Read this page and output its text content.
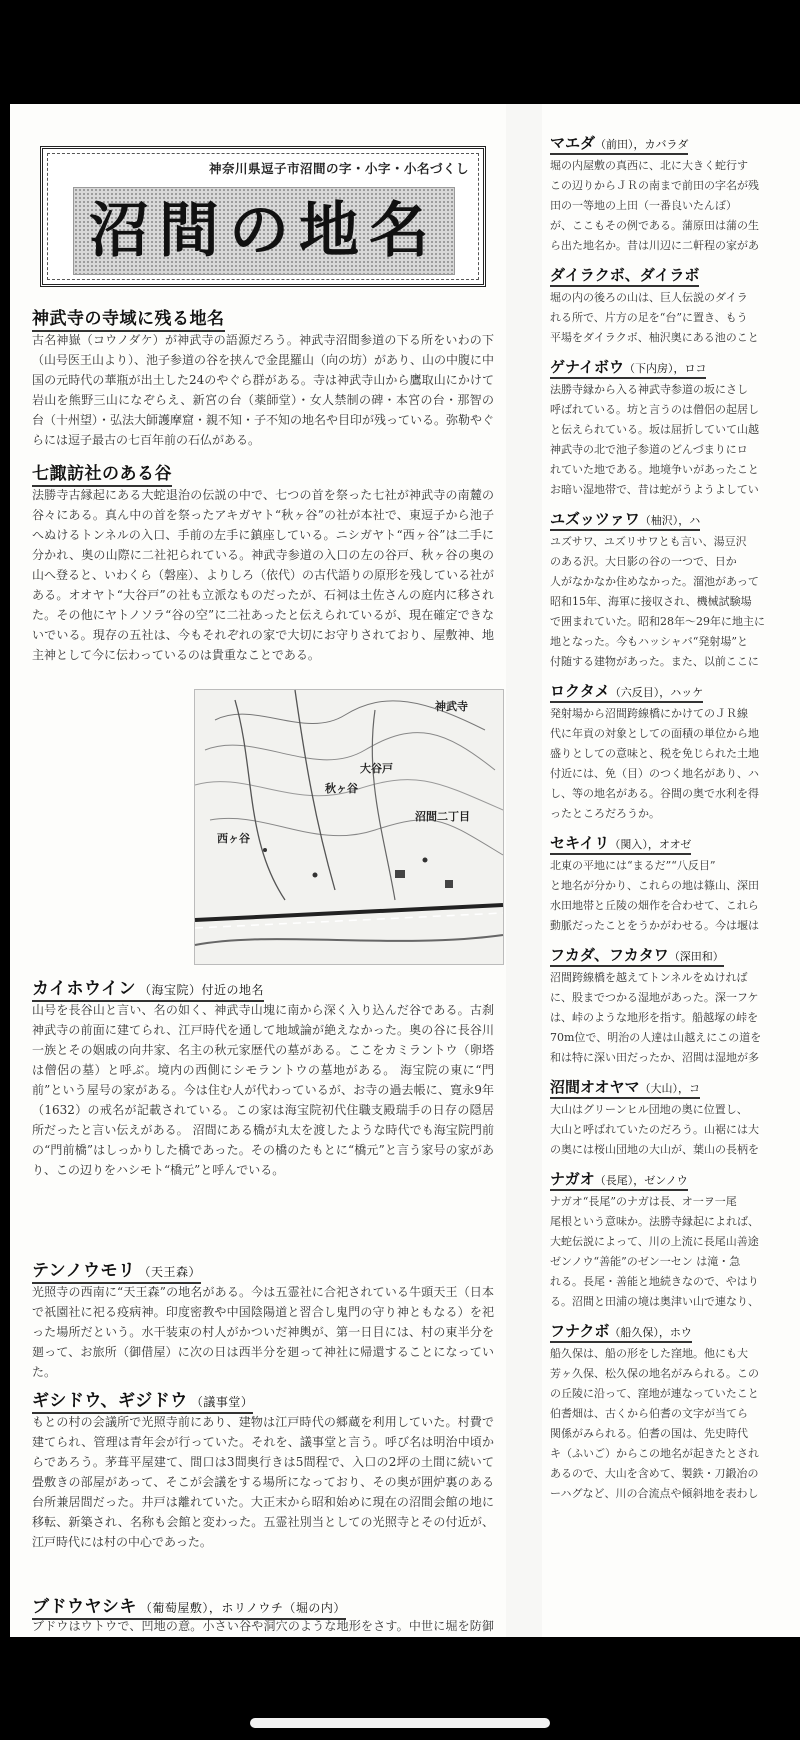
神奈川県逗子市沼間の字・小字・小名づくし
沼間の地名
神武寺の寺域に残る地名
古名神嶽（コウノダケ）が神武寺の語源だろう。神武寺沼間参道の下る所をいわの下（山号医王山より）、池子参道の谷を挟んで金毘羅山（向の坊）があり、山の中腹に中国の元時代の華瓶が出土した24のやぐら群がある。寺は神武寺山から鷹取山にかけて岩山を熊野三山になぞらえ、新宮の台（薬師堂）・女人禁制の碑・本宮の台・那智の台（十州望）・弘法大師護摩窟・親不知・子不知の地名や目印が残っている。弥勒やぐらには逗子最古の七百年前の石仏がある。
七諏訪社のある谷
法勝寺古縁起にある大蛇退治の伝説の中で、七つの首を祭った七社が神武寺の南麓の谷々にある。真ん中の首を祭ったアキガヤト“秋ヶ谷”の社が本社で、東逗子から池子へぬけるトンネルの入口、手前の左手に鎮座している。ニシガヤト“西ヶ谷”は二手に分かれ、奥の山際に二社祀られている。神武寺参道の入口の左の谷戸、秋ヶ谷の奥の山へ登ると、いわくら（磐座）、よりしろ（依代）の古代語りの原形を残している社がある。オオヤト“大谷戸”の社も立派なものだったが、石祠は土佐さんの庭内に移された。その他にヤトノソラ“谷の空”に二社あったと伝えられているが、現在確定できないでいる。現存の五社は、今もそれぞれの家で大切にお守りされており、屋敷神、地主神として今に伝わっているのは貴重なことである。
秋ヶ谷
大谷戸
西ヶ谷
沼間二丁目
神武寺
カイホウイン （海宝院）付近の地名
山号を長谷山と言い、名の如く、神武寺山塊に南から深く入り込んだ谷である。古刹神武寺の前面に建てられ、江戸時代を通して地域論が絶えなかった。奥の谷に長谷川一族とその姻戚の向井家、名主の秋元家歴代の墓がある。ここをカミラントウ（卵塔は僧侶の墓）と呼ぶ。境内の西側にシモラントウの墓地がある。 海宝院の東に“門前”という屋号の家がある。今は住む人が代わっているが、お寺の過去帳に、寛永9年（1632）の戒名が記載されている。この家は海宝院初代住職支殿瑞手の日存の隠居所だったと言い伝えがある。 沼間にある橋が丸太を渡したような時代でも海宝院門前の“門前橋”はしっかりした橋であった。その橋のたもとに“橋元”と言う家号の家があり、この辺りをハシモト“橋元”と呼んでいる。
テンノウモリ （天王森）
光照寺の西南に“天王森”の地名がある。今は五霊社に合祀されている牛頭天王（日本で祇園社に祀る疫病神。印度密教や中国陰陽道と習合し鬼門の守り神ともなる）を祀った場所だという。水干装束の村人がかついだ神輿が、第一日目には、村の東半分を廻って、お旅所（御借屋）に次の日は西半分を廻って神社に帰還することになっていた。
ギシドウ、ギジドウ （議事堂）
もとの村の会議所で光照寺前にあり、建物は江戸時代の郷蔵を利用していた。村費で建てられ、管理は青年会が行っていた。それを、議事堂と言う。呼び名は明治中頃からであろう。茅葺平屋建て、間口は3間奥行きは5間程で、入口の2坪の土間に続いて畳敷きの部屋があって、そこが会議をする場所になっており、その奥が囲炉裏のある台所兼居間だった。井戸は離れていた。大正末から昭和始めに現在の沼間会館の地に移転、新築され、名称も会館と変わった。五霊社別当としての光照寺とその付近が、江戸時代には村の中心であった。
ブドウヤシキ （葡萄屋敷），ホリノウチ（堀の内）
ブドウはウトウで、凹地の意。小さい谷や洞穴のような地形をさす。中世に堀を防御
マエダ（前田），カバラダ
堀の内屋敷の真西に、北に大きく蛇行す
この辺りからＪＲの南まで前田の字名が残
田の一等地の上田（一番良いたんぼ）
が、ここもその例である。蒲原田は蒲の生
ら出た地名か。昔は川辺に二軒程の家があ
ダイラクボ、ダイラボ
堀の内の後ろの山は、巨人伝説のダイラ
れる所で、片方の足を“台”に置き、もう
平場をダイラクボ、柚沢奥にある池のこと
ゲナイボウ（下内房），ロコ
法勝寺縁から入る神武寺参道の坂にさし
呼ばれている。坊と言うのは僧侶の起居し
と伝えられている。坂は屈折していて山越
神武寺の北で池子参道のどんづまりにロ
れていた地である。地境争いがあったこと
お暗い湿地帯で、昔は蛇がうようよしてい
ユズッツァワ（柚沢），ハ
ユズサワ、ユズリサワとも言い、湯豆沢
のある沢。大日影の谷の一つで、日か
人がなかなか住めなかった。溜池があって
昭和15年、海軍に接収され、機械試験場
で囲まれていた。昭和28年～29年に地主に
地となった。今もハッシャバ“発射場”と
付随する建物があった。また、以前ここに
ロクタメ（六反目），ハッケ
発射場から沼間跨線橋にかけてのＪＲ線
代に年貢の対象としての面積の単位から地
盛りとしての意味と、税を免じられた土地
付近には、免（目）のつく地名があり、ハ
し、等の地名がある。谷間の奥で水利を得
ったところだろうか。
セキイリ（関入），オオゼ
北東の平地には“まるだ”“八反目”
と地名が分かり、これらの地は篠山、深田
水田地帯と丘陵の畑作を合わせて、これら
動脈だったことをうかがわせる。今は堰は
フカダ、フカタワ（深田和）
沼間跨線橋を越えてトンネルをぬければ
に、股までつかる湿地があった。深一フケ
は、峠のような地形を指す。船越塚の峠を
70m位で、明治の人達は山越えにこの道を
和は特に深い田だったか、沼間は湿地が多
沼間オオヤマ（大山），コ
大山はグリーンヒル団地の奥に位置し、
大山と呼ばれていたのだろう。山裾には大
の奥には桜山団地の大山が、葉山の長柄を
ナガオ（長尾），ゼンノウ
ナガオ“長尾”のナガは長、オ一ヲ一尾
尾根という意味か。法勝寺縁起によれば、
大蛇伝説によって、川の上流に長尾山善途
ゼンノウ“善能”のゼン一セン は滝・急
れる。長尾・善能と地続きなので、やはり
る。沼間と田浦の境は奥津い山で連なり、
フナクボ（船久保），ホウ
船久保は、船の形をした窪地。他にも大
芳ヶ久保、松久保の地名がみられる。この
の丘陵に沿って、窪地が連なっていたこと
伯耆畑は、古くから伯耆の文字が当てら
関係がみられる。伯耆の国は、先史時代
キ（ふいご）からこの地名が起きたとされ
あるので、大山を含めて、製鉄・刀鍛冶の
ーハグなど、川の合流点や傾斜地を表わし
